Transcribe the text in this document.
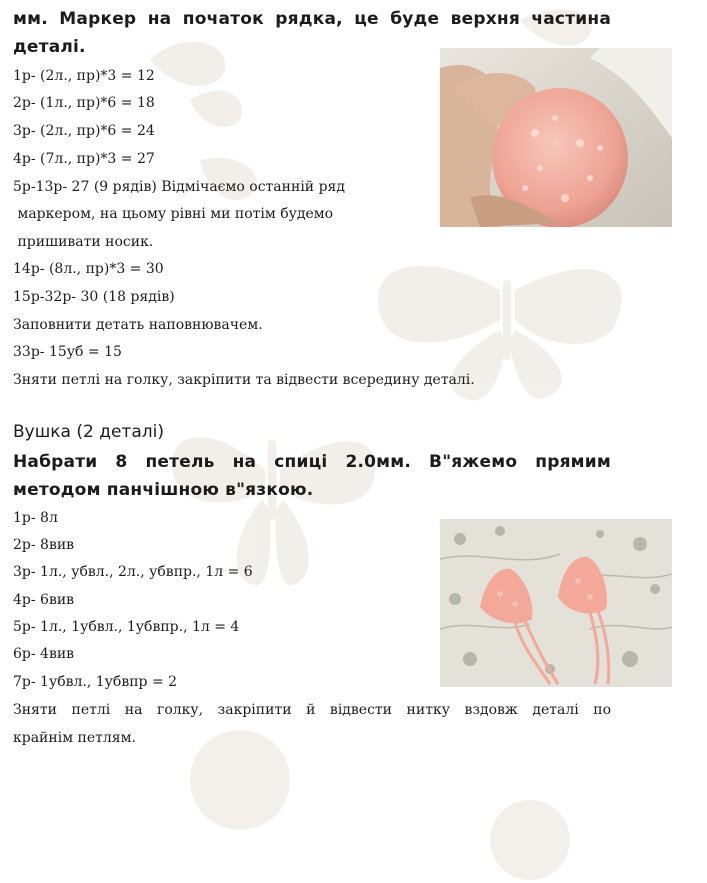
мм. Маркер на початок рядка, це буде верхня частина
деталі.
1р- (2л., пр)*3 = 12
2р- (1л., пр)*6 = 18
3р- (2л., пр)*6 = 24
4р- (7л., пр)*3 = 27
5р-13р- 27 (9 рядів) Відмічаємо останній ряд
маркером, на цьому рівні ми потім будемо
пришивати носик.
14р- (8л., пр)*3 = 30
15р-32р- 30 (18 рядів)
Заповнити детать наповнювачем.
33р- 15уб = 15
Зняти петлі на голку, закріпити та відвести всередину деталі.
Вушка (2 деталі)
Набрати 8 петель на спиці 2.0мм. В"яжемо прямим
методом панчішною в"язкою.
1р- 8л
2р- 8вив
3р- 1л., убвл., 2л., убвпр., 1л = 6
4р- 6вив
5р- 1л., 1убвл., 1убвпр., 1л = 4
6р- 4вив
7р- 1убвл., 1убвпр = 2
Зняти петлі на голку, закріпити й відвести нитку вздовж деталі по
крайнім петлям.
